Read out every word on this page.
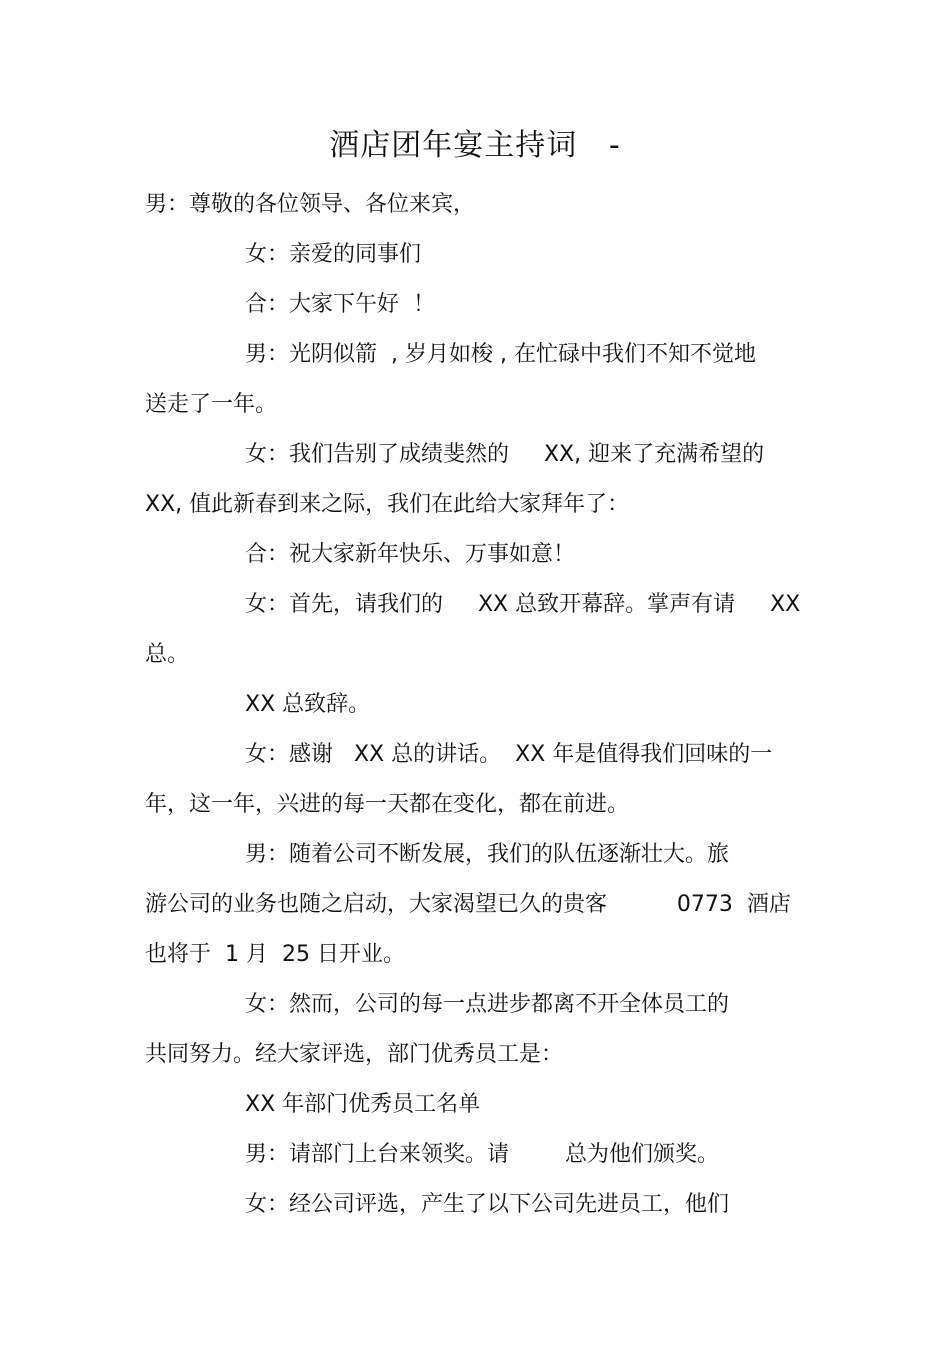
酒店团年宴主持词   -
男：尊敬的各位领导、各位来宾，
女：亲爱的同事们
合：大家下午好  ！
男：光阴似箭  , 岁月如梭 , 在忙碌中我们不知不觉地
送走了一年。
女：我们告别了成绩斐然的     XX, 迎来了充满希望的
XX, 值此新春到来之际，我们在此给大家拜年了：
合：祝大家新年快乐、万事如意！
女：首先，请我们的     XX 总致开幕辞。掌声有请     XX
总。
XX 总致辞。
女：感谢   XX 总的讲话。  XX 年是值得我们回味的一
年，这一年，兴进的每一天都在变化，都在前进。
男：随着公司不断发展，我们的队伍逐渐壮大。旅
游公司的业务也随之启动，大家渴望已久的贵客          0773  酒店
也将于  1 月  25 日开业。
女：然而，公司的每一点进步都离不开全体员工的
共同努力。经大家评选，部门优秀员工是：
XX 年部门优秀员工名单
男：请部门上台来领奖。请        总为他们颁奖。
女：经公司评选，产生了以下公司先进员工，他们
